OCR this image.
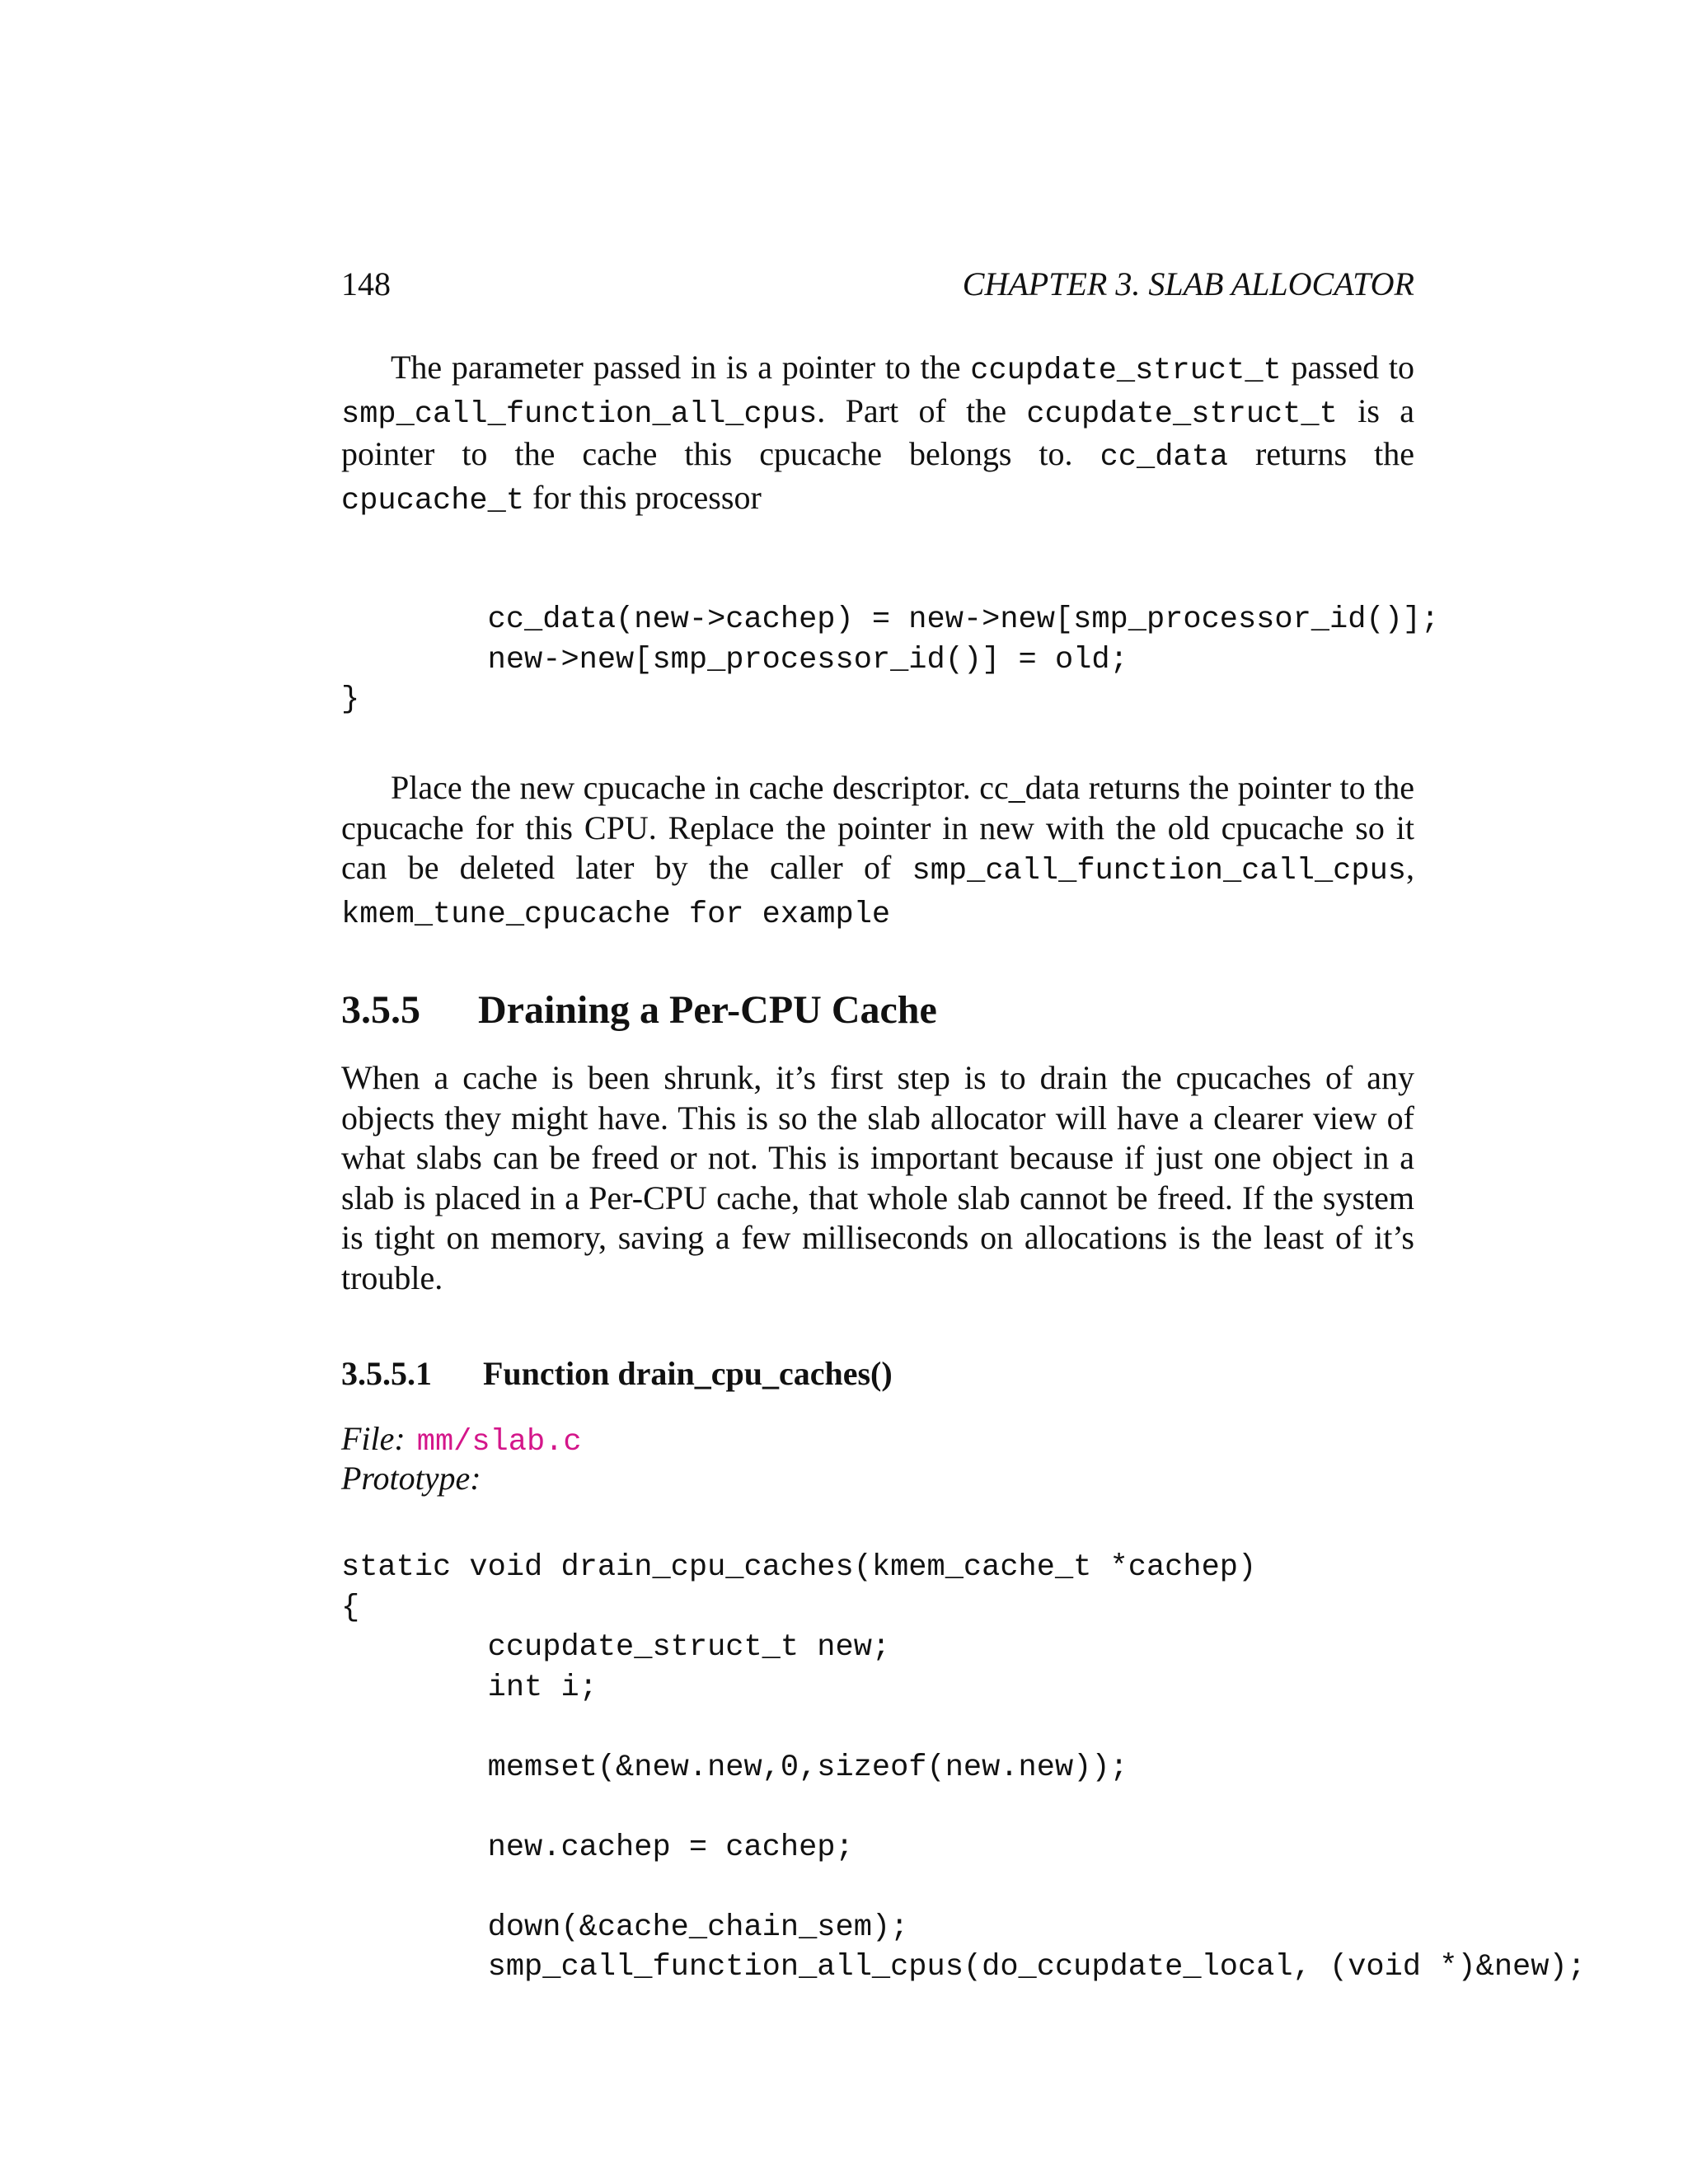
148	CHAPTER 3. SLAB ALLOCATOR

The parameter passed in is a pointer to the ccupdate_struct_t passed to smp_call_function_all_cpus. Part of the ccupdate_struct_t is a pointer to the cache this cpucache belongs to. cc_data returns the cpucache_t for this processor

cc_data(new->cachep) = new->new[smp_processor_id()];
new->new[smp_processor_id()] = old;
}

Place the new cpucache in cache descriptor. cc_data returns the pointer to the cpucache for this CPU. Replace the pointer in new with the old cpucache so it can be deleted later by the caller of smp_call_function_call_cpus, kmem_tune_cpucache for example

3.5.5 Draining a Per-CPU Cache

When a cache is been shrunk, it’s first step is to drain the cpucaches of any objects they might have. This is so the slab allocator will have a clearer view of what slabs can be freed or not. This is important because if just one object in a slab is placed in a Per-CPU cache, that whole slab cannot be freed. If the system is tight on memory, saving a few milliseconds on allocations is the least of it’s trouble.

3.5.5.1 Function drain_cpu_caches()
File: mm/slab.c
Prototype:
static void drain_cpu_caches(kmem_cache_t *cachep)
{
ccupdate_struct_t new;
int i;

memset(&new.new,0,sizeof(new.new));

new.cachep = cachep;

down(&cache_chain_sem);
smp_call_function_all_cpus(do_ccupdate_local, (void *)&new);
